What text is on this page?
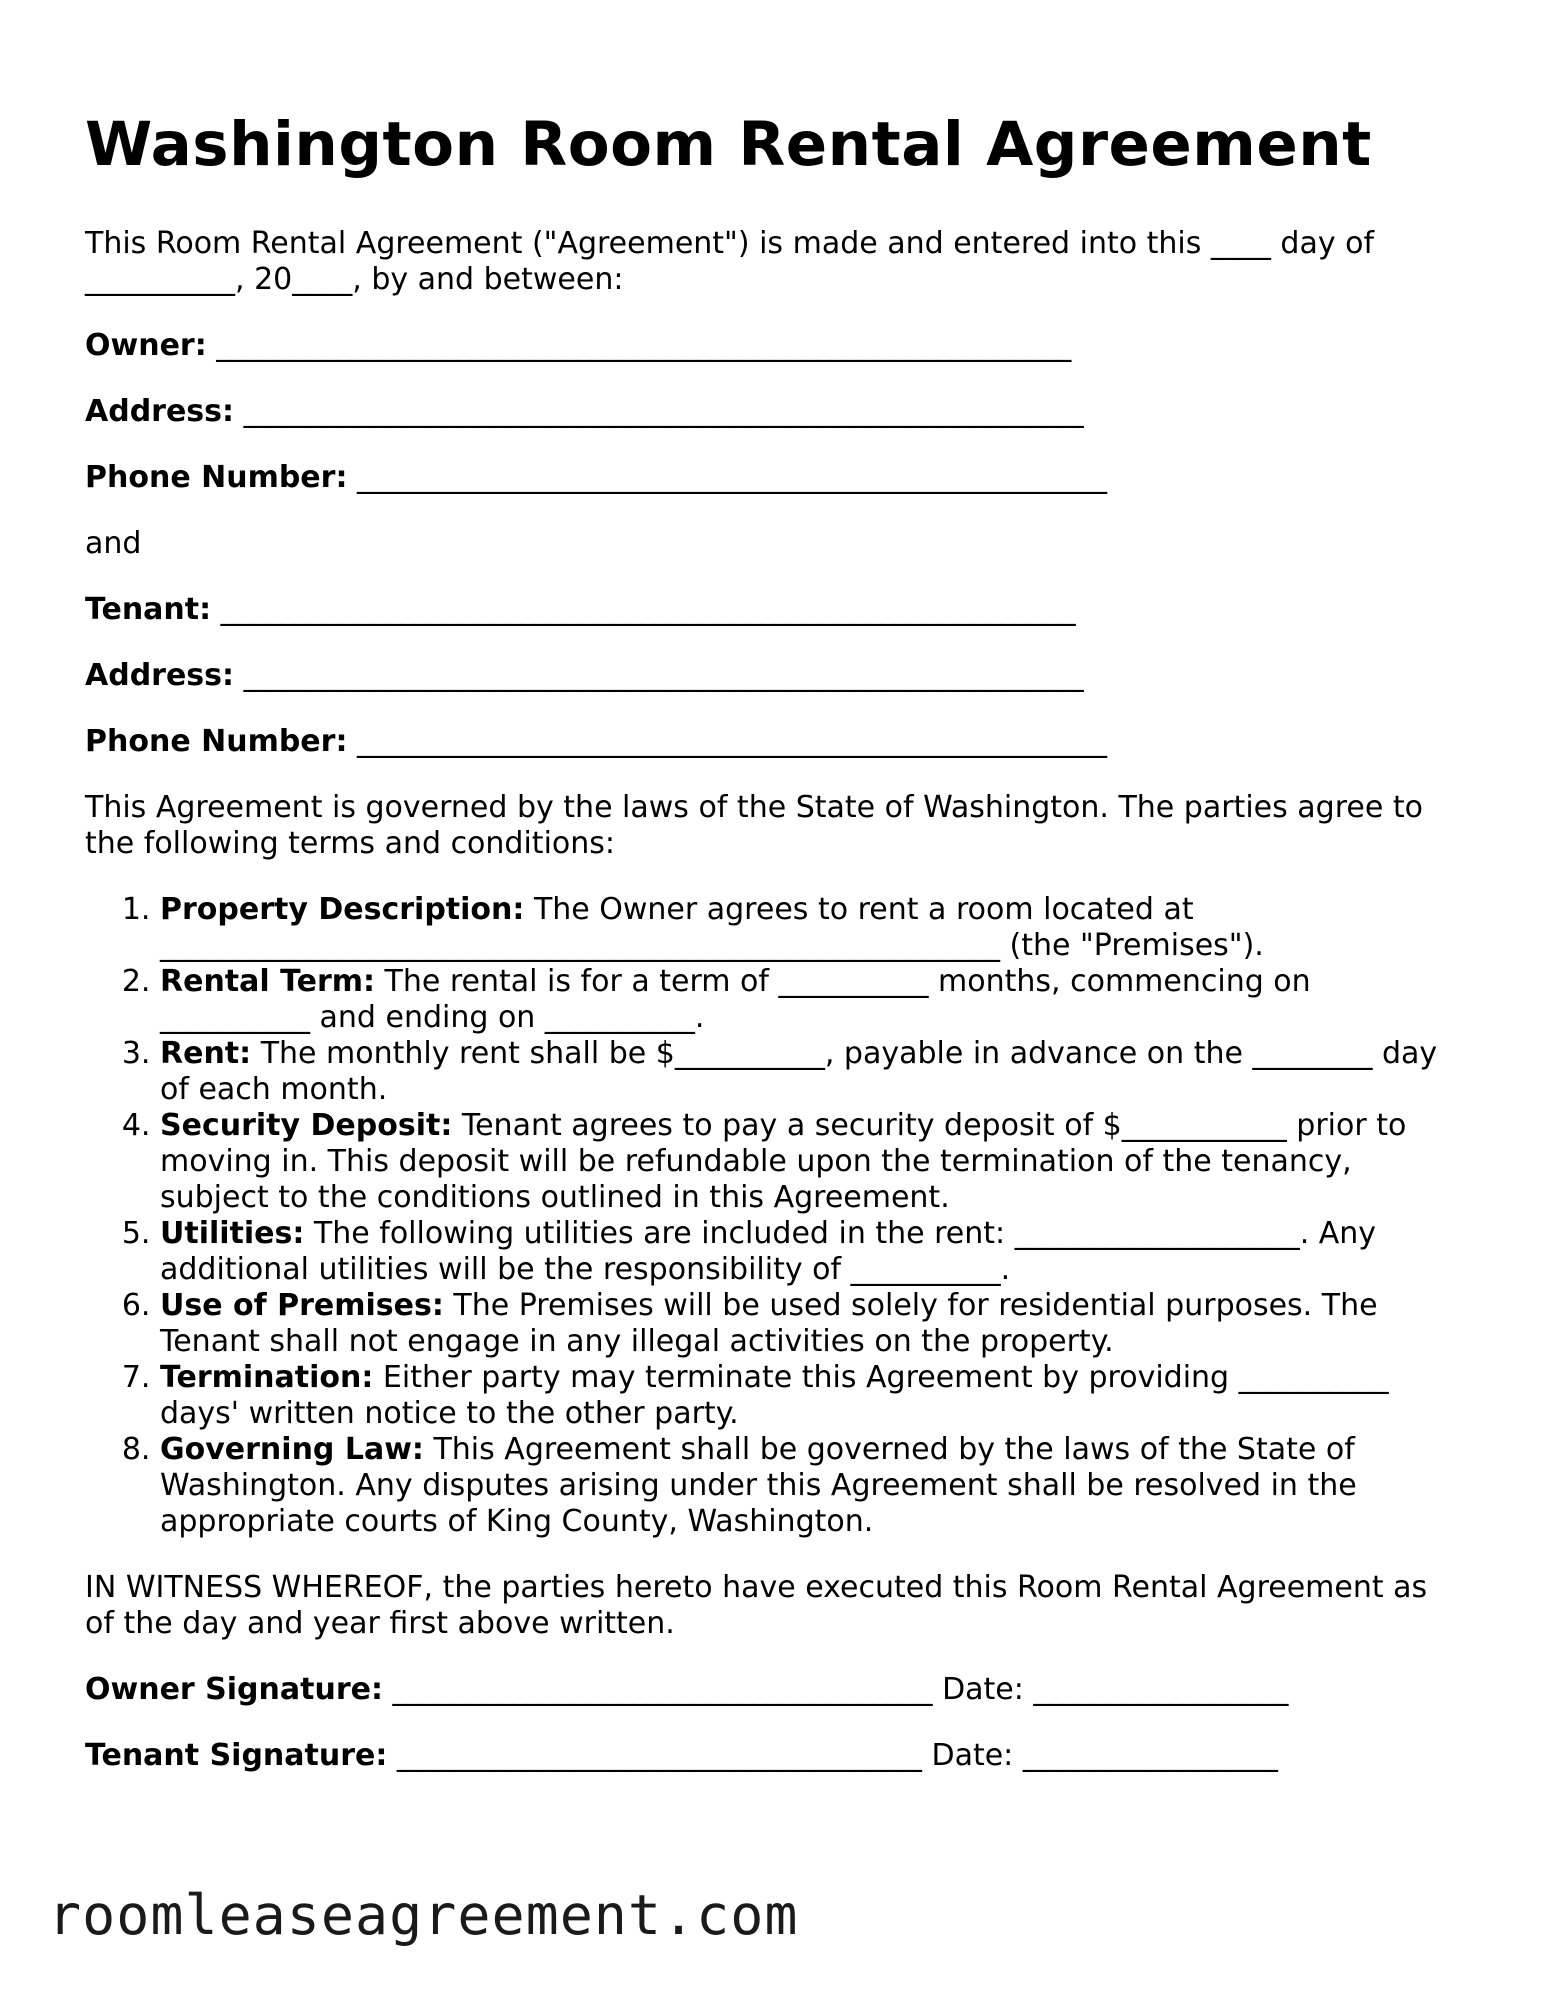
Washington Room Rental Agreement

This Room Rental Agreement ("Agreement") is made and entered into this ____ day of __________, 20____, by and between:

Owner: _________________________________________________________
Address: ________________________________________________________
Phone Number: __________________________________________________
and
Tenant: _________________________________________________________
Address: ________________________________________________________
Phone Number: __________________________________________________

This Agreement is governed by the laws of the State of Washington. The parties agree to the following terms and conditions:

1. Property Description: The Owner agrees to rent a room located at ________________________________________________________ (the "Premises").
2. Rental Term: The rental is for a term of __________ months, commencing on __________ and ending on __________.
3. Rent: The monthly rent shall be $__________, payable in advance on the ________ day of each month.
4. Security Deposit: Tenant agrees to pay a security deposit of $___________ prior to moving in. This deposit will be refundable upon the termination of the tenancy, subject to the conditions outlined in this Agreement.
5. Utilities: The following utilities are included in the rent: ___________________. Any additional utilities will be the responsibility of __________.
6. Use of Premises: The Premises will be used solely for residential purposes. The Tenant shall not engage in any illegal activities on the property.
7. Termination: Either party may terminate this Agreement by providing __________ days' written notice to the other party.
8. Governing Law: This Agreement shall be governed by the laws of the State of Washington. Any disputes arising under this Agreement shall be resolved in the appropriate courts of King County, Washington.

IN WITNESS WHEREOF, the parties hereto have executed this Room Rental Agreement as of the day and year first above written.

Owner Signature: ____________________________________ Date: _________________
Tenant Signature: ___________________________________ Date: _________________
roomleaseagreement.com
